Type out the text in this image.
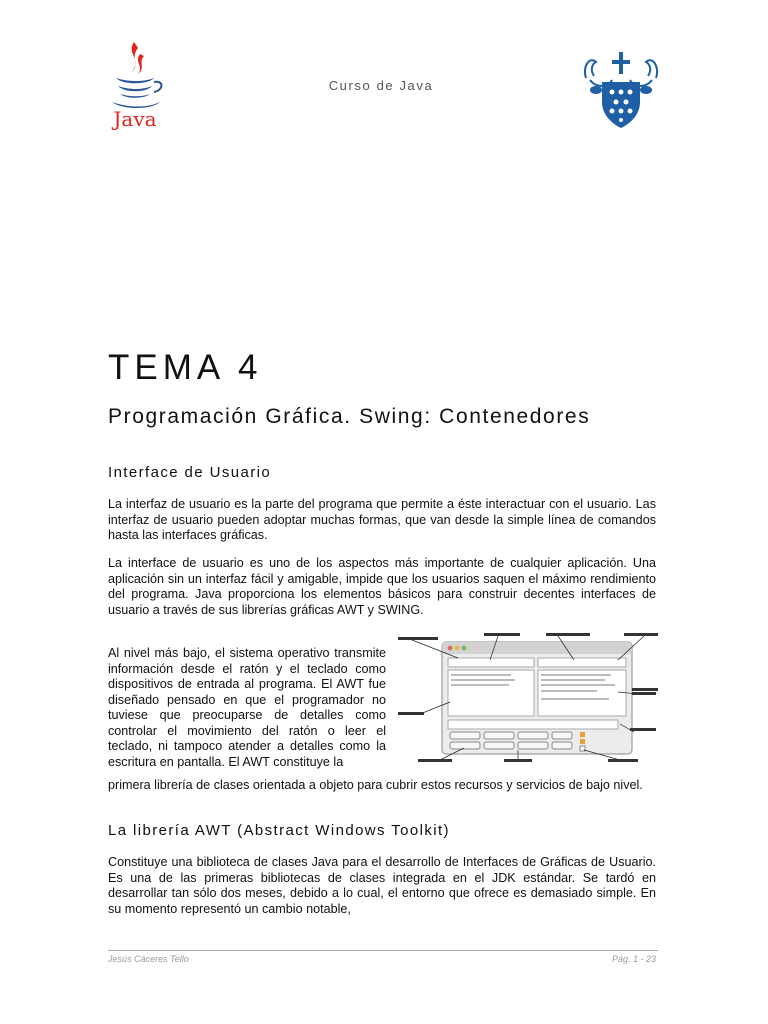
Java
Curso de Java
TEMA 4
Programación Gráfica. Swing: Contenedores
Interface de Usuario

La interfaz de usuario es la parte del programa que permite a éste interactuar con el usuario. Las interfaz de usuario pueden adoptar muchas formas, que van desde la simple línea de comandos hasta las interfaces gráficas.

La interface de usuario es uno de los aspectos más importante de cualquier aplicación. Una aplicación sin un interfaz fácil y amigable, impide que los usuarios saquen el máximo rendimiento del programa. Java proporciona los elementos básicos para construir decentes interfaces de usuario a través de sus librerías gráficas AWT y SWING.

Al nivel más bajo, el sistema operativo transmite información desde el ratón y el teclado como dispositivos de entrada al programa. El AWT fue diseñado pensado en que el programador no tuviese que preocuparse de detalles como controlar el movimiento del ratón o leer el teclado, ni tampoco atender a detalles como la escritura en pantalla. El AWT constituye la

primera librería de clases orientada a objeto para cubrir estos recursos y servicios de bajo nivel.

La librería AWT (Abstract Windows Toolkit)

Constituye una biblioteca de clases Java para el desarrollo de Interfaces de Gráficas de Usuario. Es una de las primeras bibliotecas de clases integrada en el JDK estándar. Se tardó en desarrollar tan sólo dos meses, debido a lo cual, el entorno que ofrece es demasiado simple. En su momento representó un cambio notable,

Jesús Cáceres Tello	Pág. 1 - 23
